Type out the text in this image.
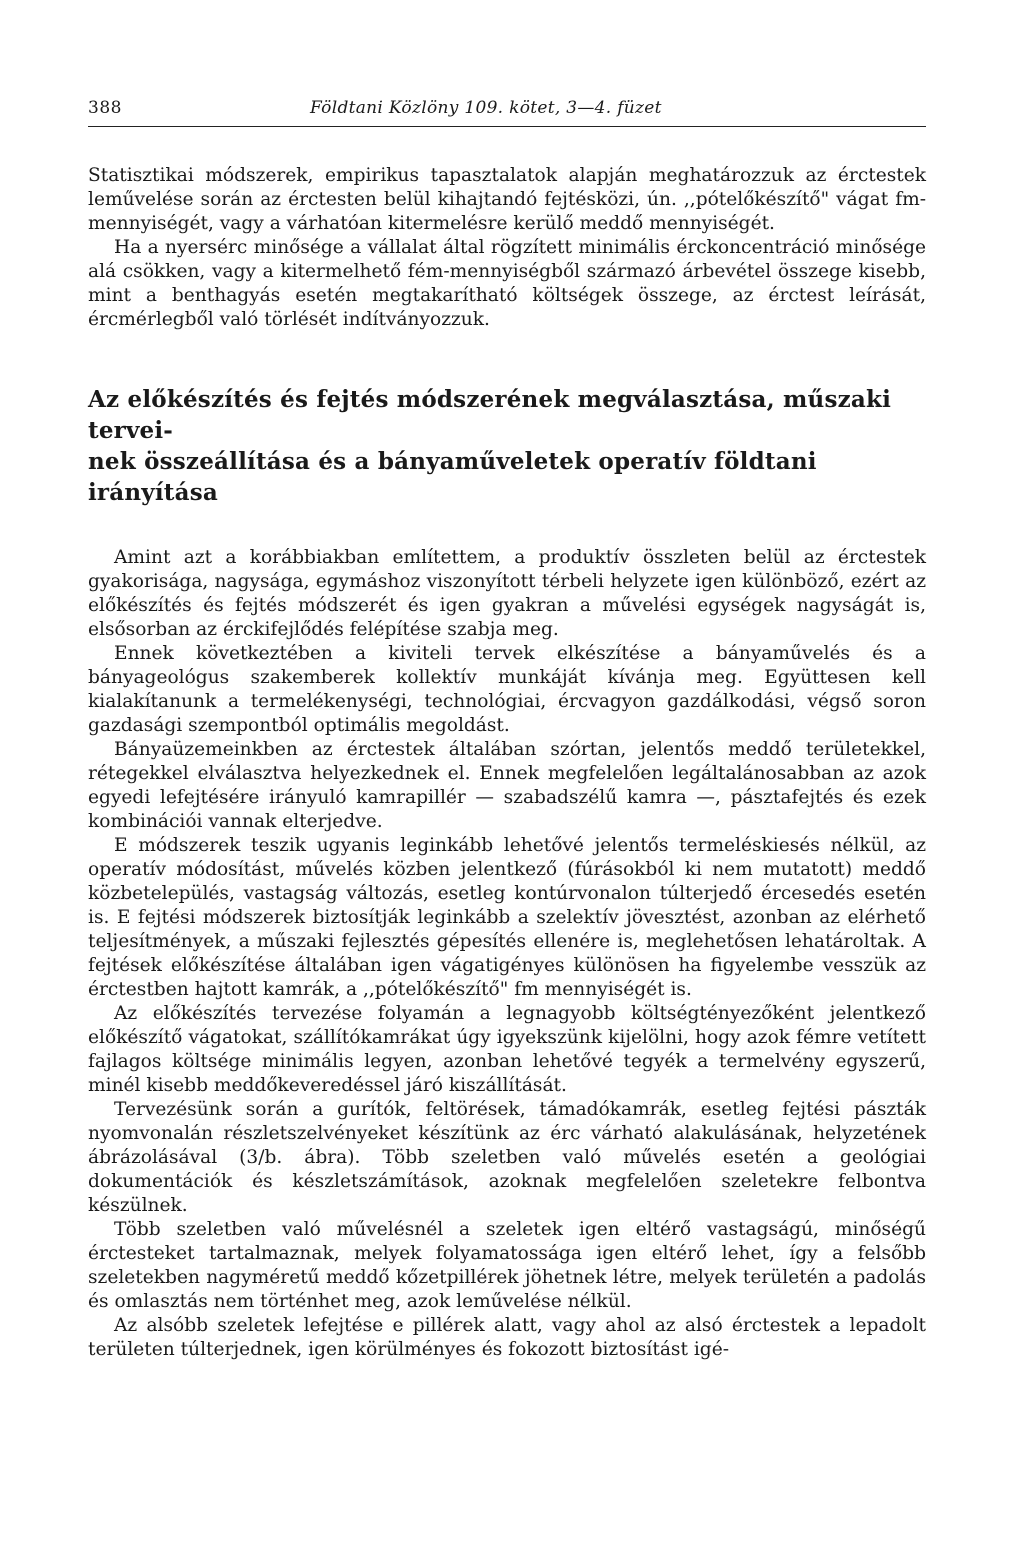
388	Földtani Közlöny 109. kötet, 3—4. füzet

Statisztikai módszerek, empirikus tapasztalatok alapján meghatározzuk az érctestek leművelése során az érctesten belül kihajtandó fejtésközi, ún. ,,pótelőkészítő" vágat fm-mennyiségét, vagy a várhatóan kitermelésre kerülő meddő mennyiségét.

Ha a nyersérc minősége a vállalat által rögzített minimális érckoncentráció minősége alá csökken, vagy a kitermelhető fém-mennyiségből származó árbevétel összege kisebb, mint a benthagyás esetén megtakarítható költségek összege, az érctest leírását, ércmérlegből való törlését indítványozzuk.

Az előkészítés és fejtés módszerének megválasztása, műszaki tervei-
nek összeállítása és a bányaműveletek operatív földtani irányítása

Amint azt a korábbiakban említettem, a produktív összleten belül az érctestek gyakorisága, nagysága, egymáshoz viszonyított térbeli helyzete igen különböző, ezért az előkészítés és fejtés módszerét és igen gyakran a művelési egységek nagyságát is, elsősorban az érckifejlődés felépítése szabja meg.

Ennek következtében a kiviteli tervek elkészítése a bányaművelés és a bányageológus szakemberek kollektív munkáját kívánja meg. Együttesen kell kialakítanunk a termelékenységi, technológiai, ércvagyon gazdálkodási, végső soron gazdasági szempontból optimális megoldást.

Bányaüzemeinkben az érctestek általában szórtan, jelentős meddő területekkel, rétegekkel elválasztva helyezkednek el. Ennek megfelelően legáltalánosabban az azok egyedi lefejtésére irányuló kamrapillér — szabadszélű kamra —, pásztafejtés és ezek kombinációi vannak elterjedve.

E módszerek teszik ugyanis leginkább lehetővé jelentős termeléskiesés nélkül, az operatív módosítást, művelés közben jelentkező (fúrásokból ki nem mutatott) meddő közbetelepülés, vastagság változás, esetleg kontúrvonalon túlterjedő ércesedés esetén is. E fejtési módszerek biztosítják leginkább a szelektív jövesztést, azonban az elérhető teljesítmények, a műszaki fejlesztés gépesítés ellenére is, meglehetősen lehatároltak. A fejtések előkészítése általában igen vágatigényes különösen ha figyelembe vesszük az érctestben hajtott kamrák, a ,,pótelőkészítő" fm mennyiségét is.

Az előkészítés tervezése folyamán a legnagyobb költségtényezőként jelentkező előkészítő vágatokat, szállítókamrákat úgy igyekszünk kijelölni, hogy azok fémre vetített fajlagos költsége minimális legyen, azonban lehetővé tegyék a termelvény egyszerű, minél kisebb meddőkeveredéssel járó kiszállítását.

Tervezésünk során a gurítók, feltörések, támadókamrák, esetleg fejtési pászták nyomvonalán részletszelvényeket készítünk az érc várható alakulásának, helyzetének ábrázolásával (3/b. ábra). Több szeletben való művelés esetén a geológiai dokumentációk és készletszámítások, azoknak megfelelően szeletekre felbontva készülnek.

Több szeletben való művelésnél a szeletek igen eltérő vastagságú, minőségű érctesteket tartalmaznak, melyek folyamatossága igen eltérő lehet, így a felsőbb szeletekben nagyméretű meddő kőzetpillérek jöhetnek létre, melyek területén a padolás és omlasztás nem történhet meg, azok leművelése nélkül.

Az alsóbb szeletek lefejtése e pillérek alatt, vagy ahol az alsó érctestek a lepadolt területen túlterjednek, igen körülményes és fokozott biztosítást igé-
